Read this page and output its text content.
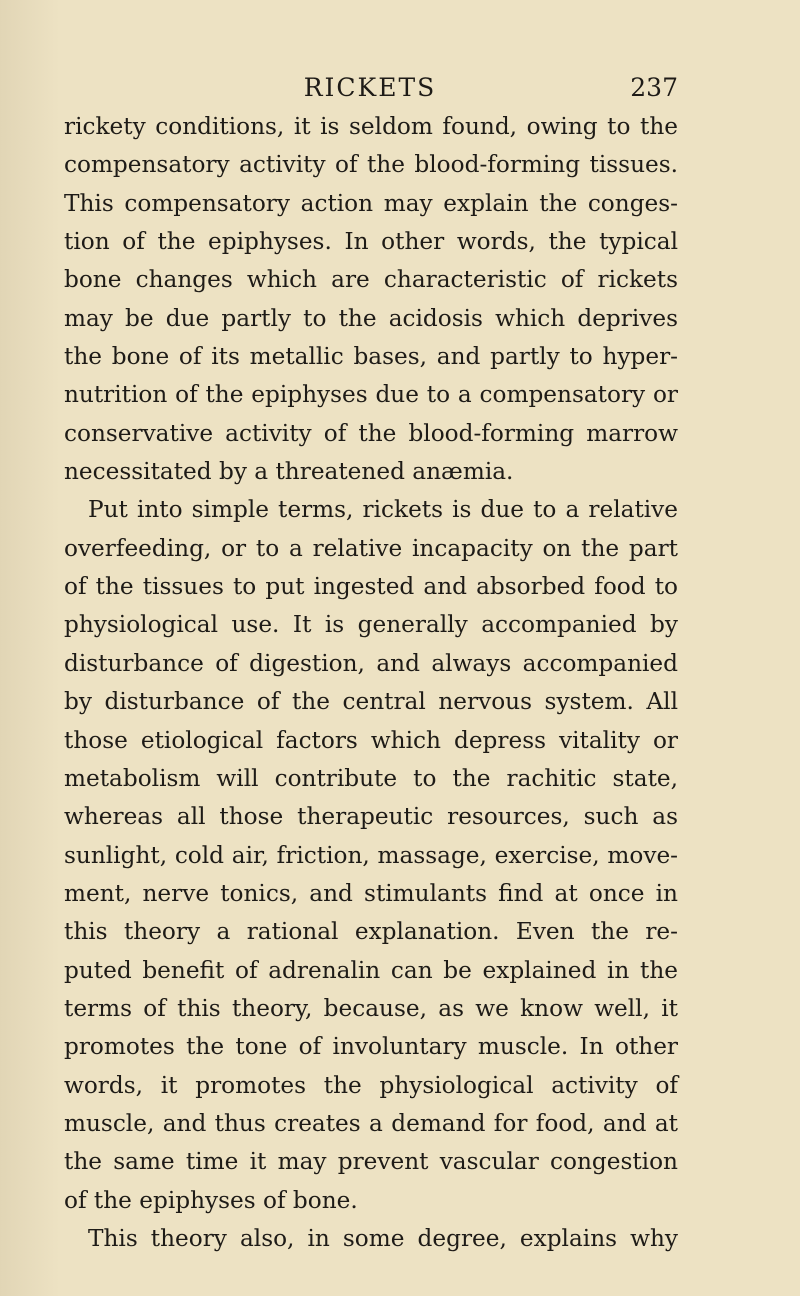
RICKETS	237
rickety conditions, it is seldom found, owing to the
compensatory activity of the blood-forming tissues.
This compensatory action may explain the conges-
tion of the epiphyses. In other words, the typical
bone changes which are characteristic of rickets
may be due partly to the acidosis which deprives
the bone of its metallic bases, and partly to hyper-
nutrition of the epiphyses due to a compensatory or
conservative activity of the blood-forming marrow
necessitated by a threatened anæmia.
Put into simple terms, rickets is due to a relative
overfeeding, or to a relative incapacity on the part
of the tissues to put ingested and absorbed food to
physiological use. It is generally accompanied by
disturbance of digestion, and always accompanied
by disturbance of the central nervous system. All
those etiological factors which depress vitality or
metabolism will contribute to the rachitic state,
whereas all those therapeutic resources, such as
sunlight, cold air, friction, massage, exercise, move-
ment, nerve tonics, and stimulants find at once in
this theory a rational explanation. Even the re-
puted benefit of adrenalin can be explained in the
terms of this theory, because, as we know well, it
promotes the tone of involuntary muscle. In other
words, it promotes the physiological activity of
muscle, and thus creates a demand for food, and at
the same time it may prevent vascular congestion
of the epiphyses of bone.
This theory also, in some degree, explains why
